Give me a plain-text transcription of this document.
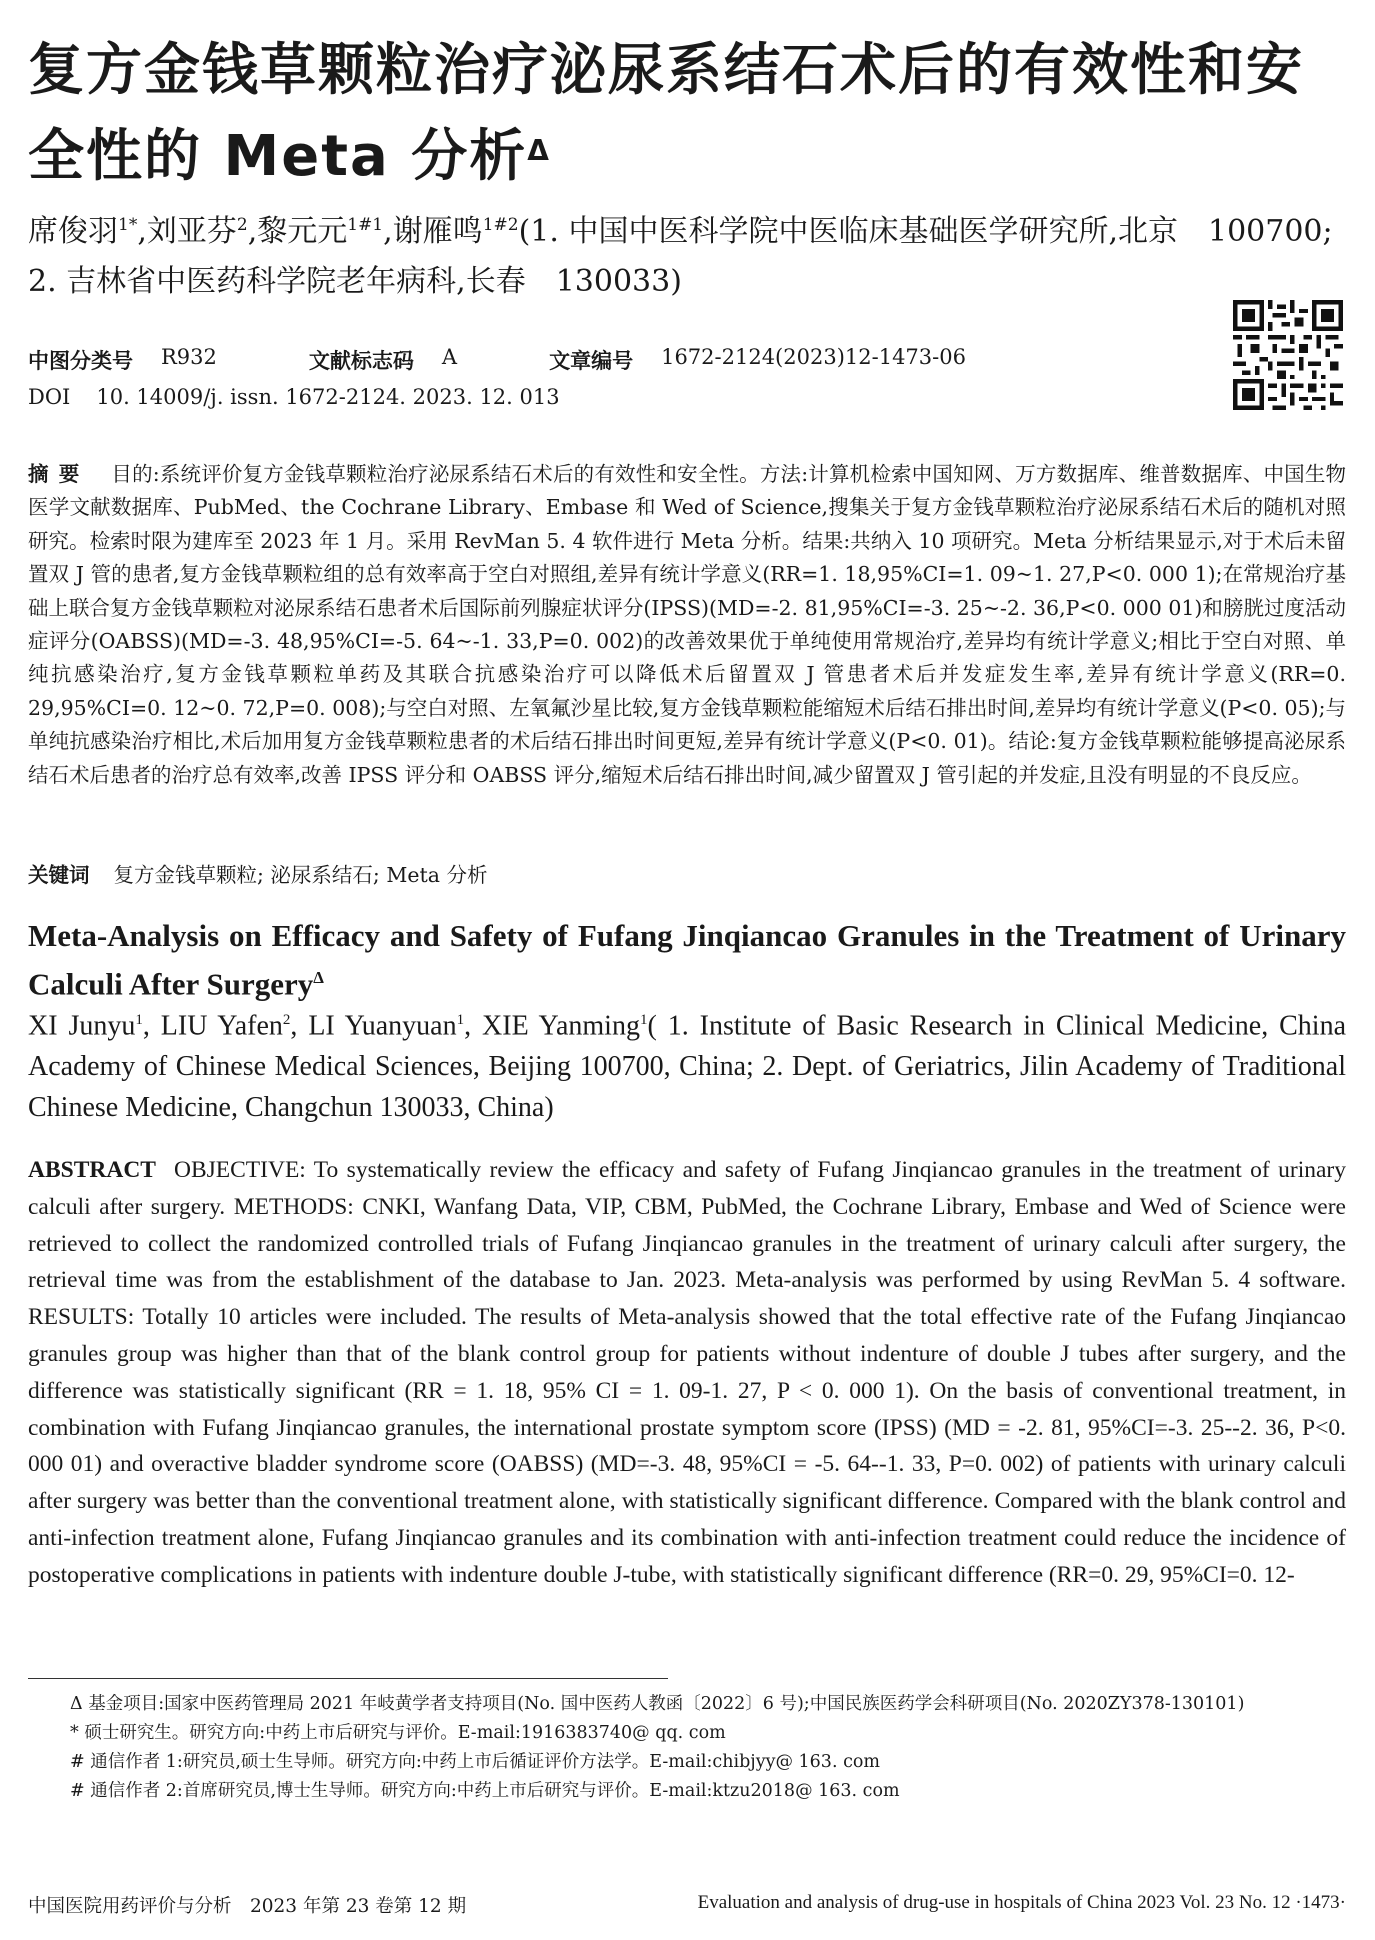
复方金钱草颗粒治疗泌尿系结石术后的有效性和安全性的 Meta 分析$^\Delta$
席俊羽$^{1*}$,刘亚芬$^2$,黎元元$^{1\#1}$,谢雁鸣$^{1\#2}$(1. 中国中医科学院中医临床基础医学研究所,北京　100700; 2. 吉林省中医药科学院老年病科,长春　130033)
中图分类号 R932	文献标志码 A	文章编号 1672-2124(2023)12-1473-06
DOI 10. 14009/j. issn. 1672-2124. 2023. 12. 013
摘要 目的:系统评价复方金钱草颗粒治疗泌尿系结石术后的有效性和安全性。方法:计算机检索中国知网、万方数据库、维普数据库、中国生物医学文献数据库、PubMed、the Cochrane Library、Embase 和 Wed of Science,搜集关于复方金钱草颗粒治疗泌尿系结石术后的随机对照研究。检索时限为建库至 2023 年 1 月。采用 RevMan 5. 4 软件进行 Meta 分析。结果:共纳入 10 项研究。Meta 分析结果显示,对于术后未留置双 J 管的患者,复方金钱草颗粒组的总有效率高于空白对照组,差异有统计学意义(RR=1. 18,95%CI=1. 09~1. 27,P<0. 000 1);在常规治疗基础上联合复方金钱草颗粒对泌尿系结石患者术后国际前列腺症状评分(IPSS)(MD=-2. 81,95%CI=-3. 25~-2. 36,P<0. 000 01)和膀胱过度活动症评分(OABSS)(MD=-3. 48,95%CI=-5. 64~-1. 33,P=0. 002)的改善效果优于单纯使用常规治疗,差异均有统计学意义;相比于空白对照、单纯抗感染治疗,复方金钱草颗粒单药及其联合抗感染治疗可以降低术后留置双 J 管患者术后并发症发生率,差异有统计学意义(RR=0. 29,95%CI=0. 12~0. 72,P=0. 008);与空白对照、左氧氟沙星比较,复方金钱草颗粒能缩短术后结石排出时间,差异均有统计学意义(P<0. 05);与单纯抗感染治疗相比,术后加用复方金钱草颗粒患者的术后结石排出时间更短,差异有统计学意义(P<0. 01)。结论:复方金钱草颗粒能够提高泌尿系结石术后患者的治疗总有效率,改善 IPSS 评分和 OABSS 评分,缩短术后结石排出时间,减少留置双 J 管引起的并发症,且没有明显的不良反应。
关键词 复方金钱草颗粒; 泌尿系结石; Meta 分析
Meta-Analysis on Efficacy and Safety of Fufang Jinqiancao Granules in the Treatment of Urinary Calculi After Surgery$^\Delta$
XI Junyu$^1$, LIU Yafen$^2$, LI Yuanyuan$^1$, XIE Yanming$^1$( 1. Institute of Basic Research in Clinical Medicine, China Academy of Chinese Medical Sciences, Beijing 100700, China; 2. Dept. of Geriatrics, Jilin Academy of Traditional Chinese Medicine, Changchun 130033, China)
ABSTRACT OBJECTIVE: To systematically review the efficacy and safety of Fufang Jinqiancao granules in the treatment of urinary calculi after surgery. METHODS: CNKI, Wanfang Data, VIP, CBM, PubMed, the Cochrane Library, Embase and Wed of Science were retrieved to collect the randomized controlled trials of Fufang Jinqiancao granules in the treatment of urinary calculi after surgery, the retrieval time was from the establishment of the database to Jan. 2023. Meta-analysis was performed by using RevMan 5. 4 software. RESULTS: Totally 10 articles were included. The results of Meta-analysis showed that the total effective rate of the Fufang Jinqiancao granules group was higher than that of the blank control group for patients without indenture of double J tubes after surgery, and the difference was statistically significant (RR = 1. 18, 95% CI = 1. 09-1. 27, P < 0. 000 1). On the basis of conventional treatment, in combination with Fufang Jinqiancao granules, the international prostate symptom score (IPSS) (MD = -2. 81, 95%CI=-3. 25--2. 36, P<0. 000 01) and overactive bladder syndrome score (OABSS) (MD=-3. 48, 95%CI = -5. 64--1. 33, P=0. 002) of patients with urinary calculi after surgery was better than the conventional treatment alone, with statistically significant difference. Compared with the blank control and anti-infection treatment alone, Fufang Jinqiancao granules and its combination with anti-infection treatment could reduce the incidence of postoperative complications in patients with indenture double J-tube, with statistically significant difference (RR=0. 29, 95%CI=0. 12-

Δ 基金项目:国家中医药管理局 2021 年岐黄学者支持项目(No. 国中医药人教函〔2022〕6 号);中国民族医药学会科研项目(No. 2020ZY378-130101)

* 硕士研究生。研究方向:中药上市后研究与评价。E-mail:1916383740@ qq. com

# 通信作者 1:研究员,硕士生导师。研究方向:中药上市后循证评价方法学。E-mail:chibjyy@ 163. com

# 通信作者 2:首席研究员,博士生导师。研究方向:中药上市后研究与评价。E-mail:ktzu2018@ 163. com

中国医院用药评价与分析　2023 年第 23 卷第 12 期	Evaluation and analysis of drug-use in hospitals of China 2023 Vol. 23 No. 12 ·1473·
